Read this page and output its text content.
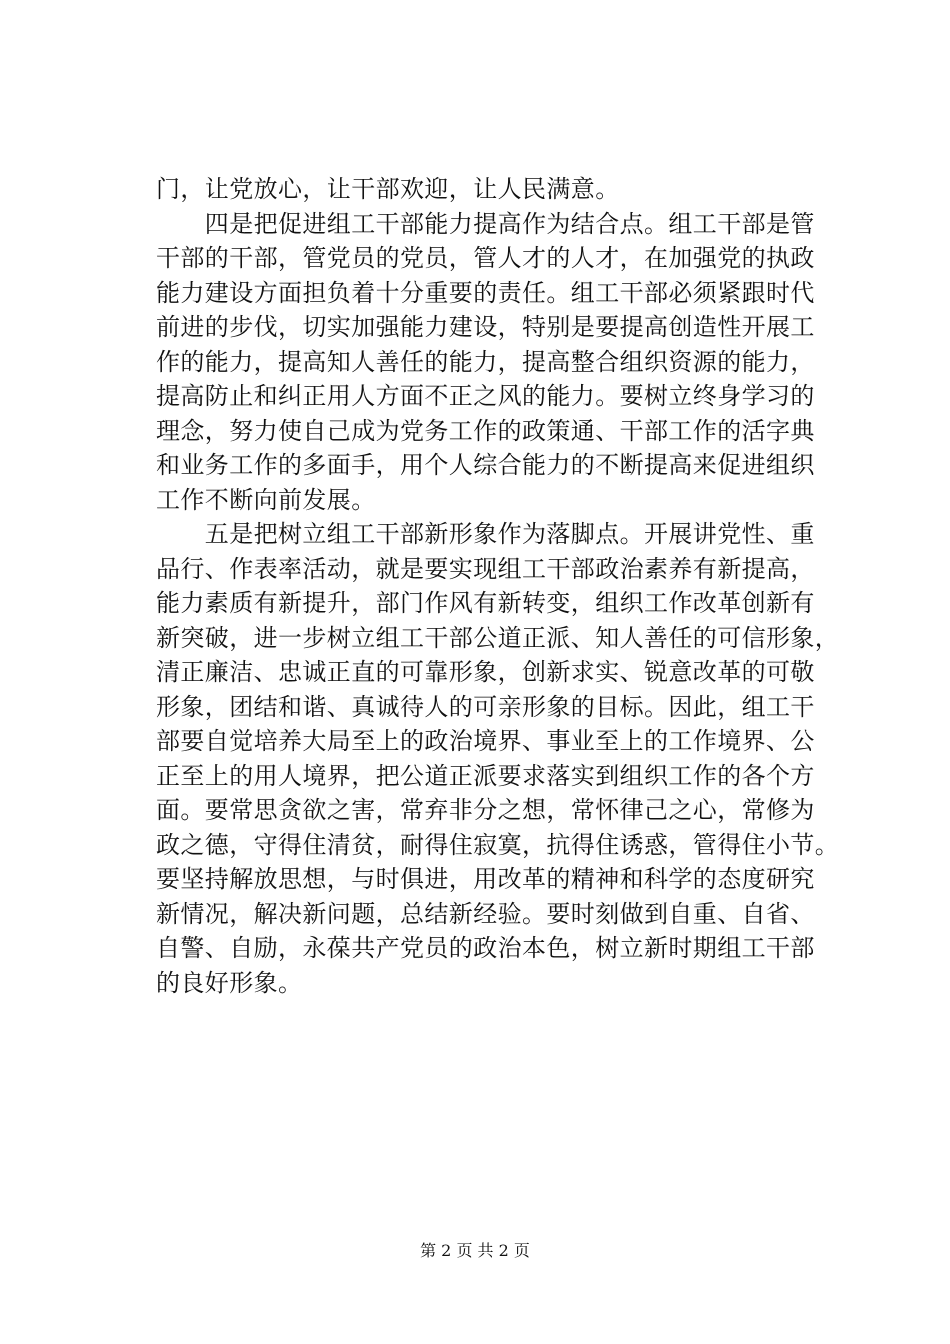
门，让党放心，让干部欢迎，让人民满意。
　　四是把促进组工干部能力提高作为结合点。组工干部是管
干部的干部，管党员的党员，管人才的人才，在加强党的执政
能力建设方面担负着十分重要的责任。组工干部必须紧跟时代
前进的步伐，切实加强能力建设，特别是要提高创造性开展工
作的能力，提高知人善任的能力，提高整合组织资源的能力，
提高防止和纠正用人方面不正之风的能力。要树立终身学习的
理念，努力使自己成为党务工作的政策通、干部工作的活字典
和业务工作的多面手，用个人综合能力的不断提高来促进组织
工作不断向前发展。
　　五是把树立组工干部新形象作为落脚点。开展讲党性、重
品行、作表率活动，就是要实现组工干部政治素养有新提高，
能力素质有新提升，部门作风有新转变，组织工作改革创新有
新突破，进一步树立组工干部公道正派、知人善任的可信形象，
清正廉洁、忠诚正直的可靠形象，创新求实、锐意改革的可敬
形象，团结和谐、真诚待人的可亲形象的目标。因此，组工干
部要自觉培养大局至上的政治境界、事业至上的工作境界、公
正至上的用人境界，把公道正派要求落实到组织工作的各个方
面。要常思贪欲之害，常弃非分之想，常怀律己之心，常修为
政之德，守得住清贫，耐得住寂寞，抗得住诱惑，管得住小节。
要坚持解放思想，与时俱进，用改革的精神和科学的态度研究
新情况，解决新问题，总结新经验。要时刻做到自重、自省、
自警、自励，永葆共产党员的政治本色，树立新时期组工干部
的良好形象。
第 2 页 共 2 页
